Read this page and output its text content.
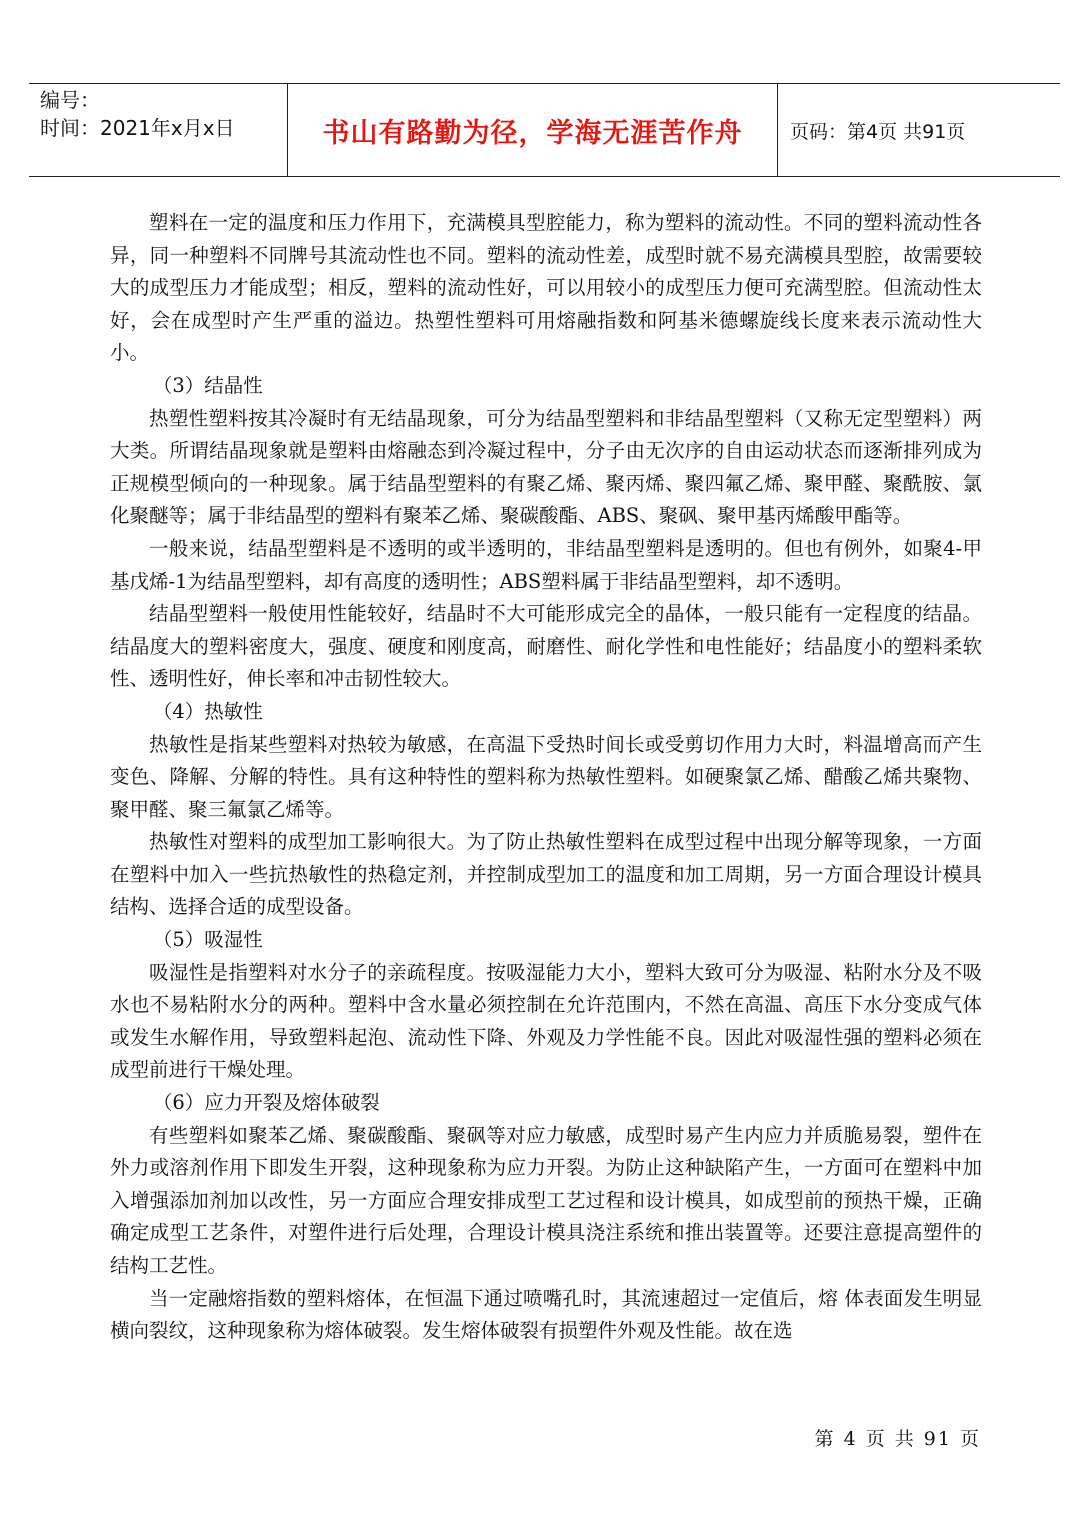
编号：
时间：2021年x月x日	书山有路勤为径，学海无涯苦作舟	页码：第4页 共91页

塑料在一定的温度和压力作用下，充满模具型腔能力，称为塑料的流动性。不同的塑料流动性各异，同一种塑料不同牌号其流动性也不同。塑料的流动性差，成型时就不易充满模具型腔，故需要较大的成型压力才能成型；相反，塑料的流动性好，可以用较小的成型压力便可充满型腔。但流动性太好，会在成型时产生严重的溢边。热塑性塑料可用熔融指数和阿基米德螺旋线长度来表示流动性大小。

（3）结晶性

热塑性塑料按其冷凝时有无结晶现象，可分为结晶型塑料和非结晶型塑料（又称无定型塑料）两大类。所谓结晶现象就是塑料由熔融态到冷凝过程中，分子由无次序的自由运动状态而逐渐排列成为正规模型倾向的一种现象。属于结晶型塑料的有聚乙烯、聚丙烯、聚四氟乙烯、聚甲醛、聚酰胺、氯化聚醚等；属于非结晶型的塑料有聚苯乙烯、聚碳酸酯、ABS、聚砜、聚甲基丙烯酸甲酯等。

一般来说，结晶型塑料是不透明的或半透明的，非结晶型塑料是透明的。但也有例外，如聚4-甲基戊烯-1为结晶型塑料，却有高度的透明性；ABS塑料属于非结晶型塑料，却不透明。

结晶型塑料一般使用性能较好，结晶时不大可能形成完全的晶体，一般只能有一定程度的结晶。结晶度大的塑料密度大，强度、硬度和刚度高，耐磨性、耐化学性和电性能好；结晶度小的塑料柔软性、透明性好，伸长率和冲击韧性较大。

（4）热敏性

热敏性是指某些塑料对热较为敏感，在高温下受热时间长或受剪切作用力大时，料温增高而产生变色、降解、分解的特性。具有这种特性的塑料称为热敏性塑料。如硬聚氯乙烯、醋酸乙烯共聚物、聚甲醛、聚三氟氯乙烯等。

热敏性对塑料的成型加工影响很大。为了防止热敏性塑料在成型过程中出现分解等现象，一方面在塑料中加入一些抗热敏性的热稳定剂，并控制成型加工的温度和加工周期，另一方面合理设计模具结构、选择合适的成型设备。

（5）吸湿性

吸湿性是指塑料对水分子的亲疏程度。按吸湿能力大小，塑料大致可分为吸湿、粘附水分及不吸水也不易粘附水分的两种。塑料中含水量必须控制在允许范围内，不然在高温、高压下水分变成气体或发生水解作用，导致塑料起泡、流动性下降、外观及力学性能不良。因此对吸湿性强的塑料必须在成型前进行干燥处理。

（6）应力开裂及熔体破裂

有些塑料如聚苯乙烯、聚碳酸酯、聚砜等对应力敏感，成型时易产生内应力并质脆易裂，塑件在外力或溶剂作用下即发生开裂，这种现象称为应力开裂。为防止这种缺陷产生，一方面可在塑料中加入增强添加剂加以改性，另一方面应合理安排成型工艺过程和设计模具，如成型前的预热干燥，正确确定成型工艺条件，对塑件进行后处理，合理设计模具浇注系统和推出装置等。还要注意提高塑件的结构工艺性。

当一定融熔指数的塑料熔体，在恒温下通过喷嘴孔时，其流速超过一定值后，熔 体表面发生明显横向裂纹，这种现象称为熔体破裂。发生熔体破裂有损塑件外观及性能。故在选

第 4 页 共 91 页
